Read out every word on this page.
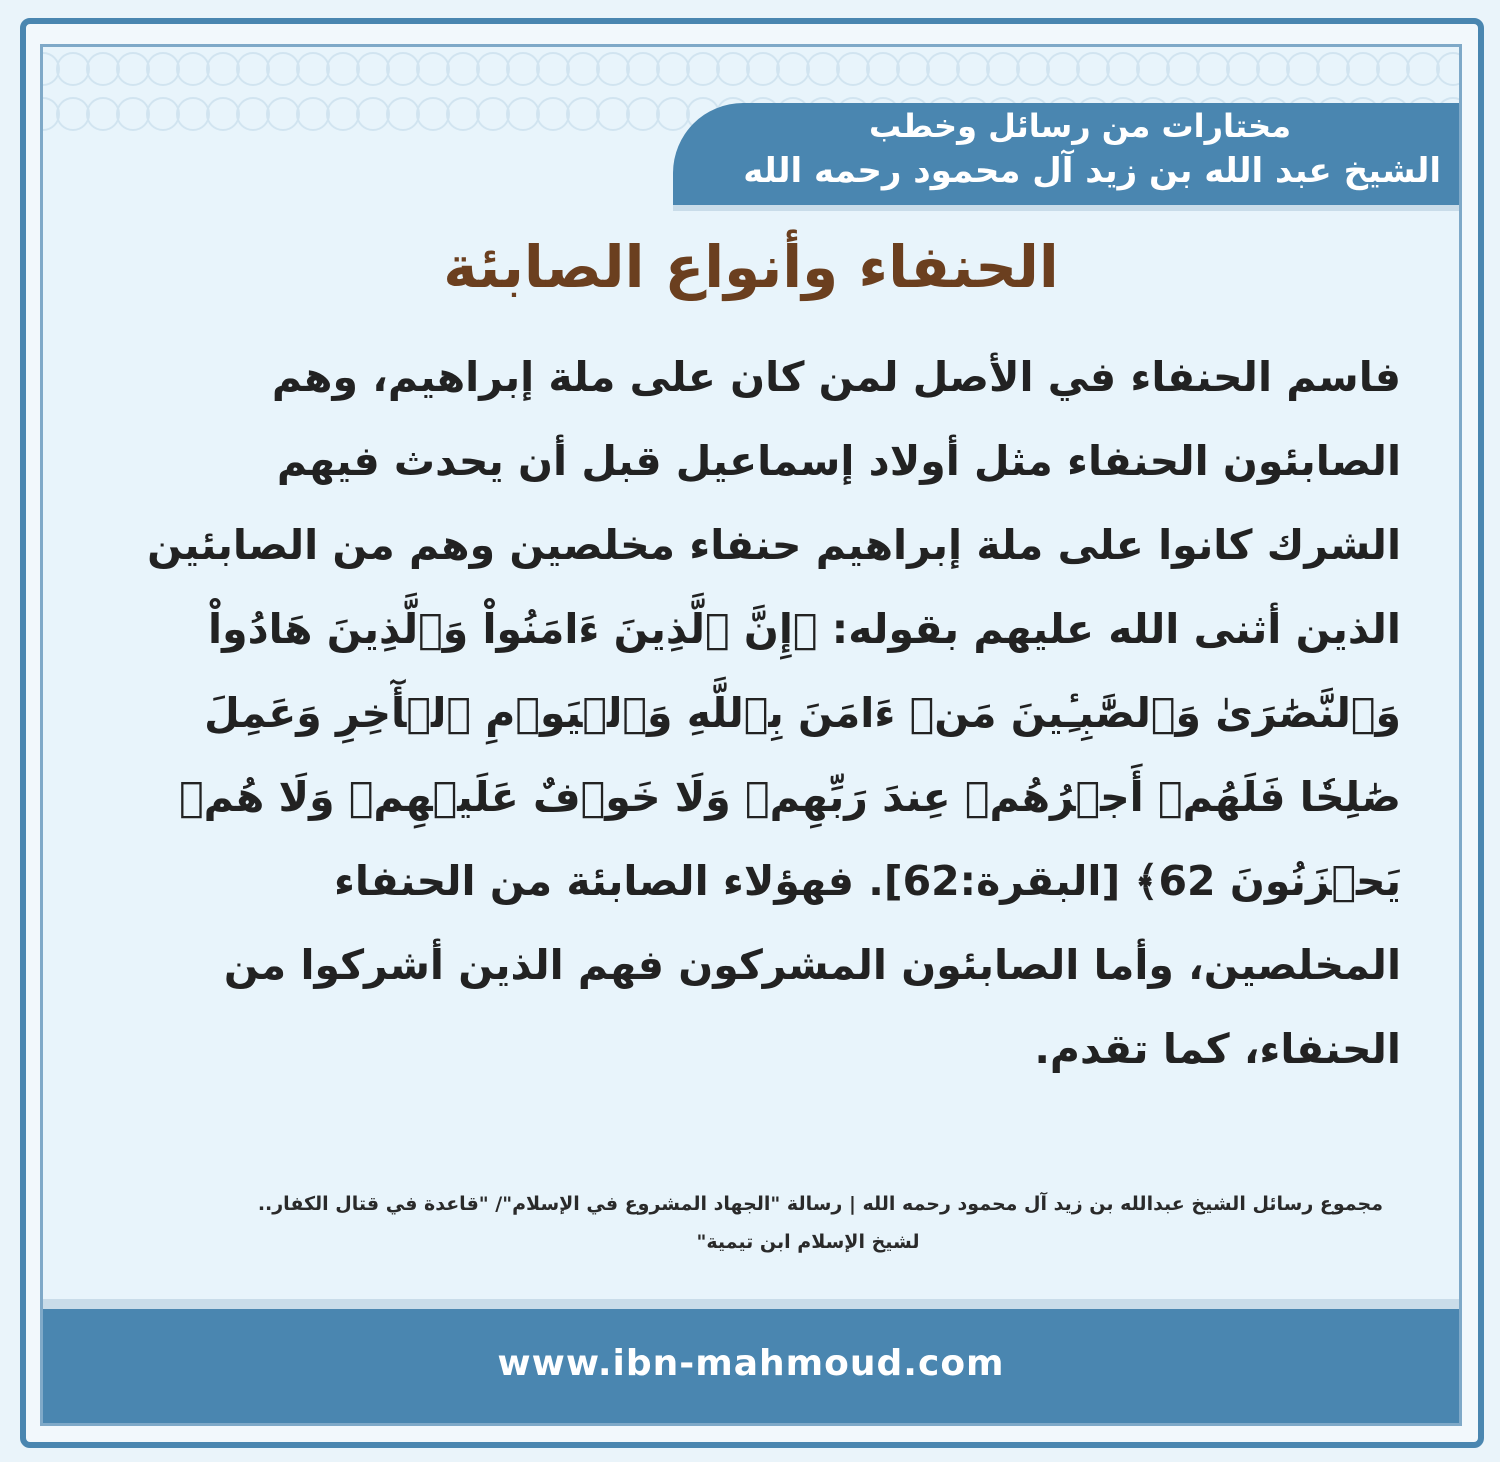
مختارات من رسائل وخطب
الشيخ عبد الله بن زيد آل محمود رحمه الله
الحنفاء وأنواع الصابئة
فاسم الحنفاء في الأصل لمن كان على ملة إبراهيم، وهم الصابئون الحنفاء مثل أولاد إسماعيل قبل أن يحدث فيهم الشرك كانوا على ملة إبراهيم حنفاء مخلصين وهم من الصابئين الذين أثنى الله عليهم بقوله: ﴿إِنَّ ٱلَّذِينَ ءَامَنُواْ وَٱلَّذِينَ هَادُواْ وَٱلنَّصَٰرَىٰ وَٱلصَّٰبِـِٔينَ مَنۡ ءَامَنَ بِٱللَّهِ وَٱلۡيَوۡمِ ٱلۡأٓخِرِ وَعَمِلَ صَٰلِحٗا فَلَهُمۡ أَجۡرُهُمۡ عِندَ رَبِّهِمۡ وَلَا خَوۡفٌ عَلَيۡهِمۡ وَلَا هُمۡ يَحۡزَنُونَ 62﴾ [البقرة:62]. فهؤلاء الصابئة من الحنفاء المخلصين، وأما الصابئون المشركون فهم الذين أشركوا من الحنفاء، كما تقدم.
مجموع رسائل الشيخ عبدالله بن زيد آل محمود رحمه الله | رسالة "الجهاد المشروع في الإسلام"/ "قاعدة في قتال الكفار..
لشيخ الإسلام ابن تيمية"
www.ibn-mahmoud.com
